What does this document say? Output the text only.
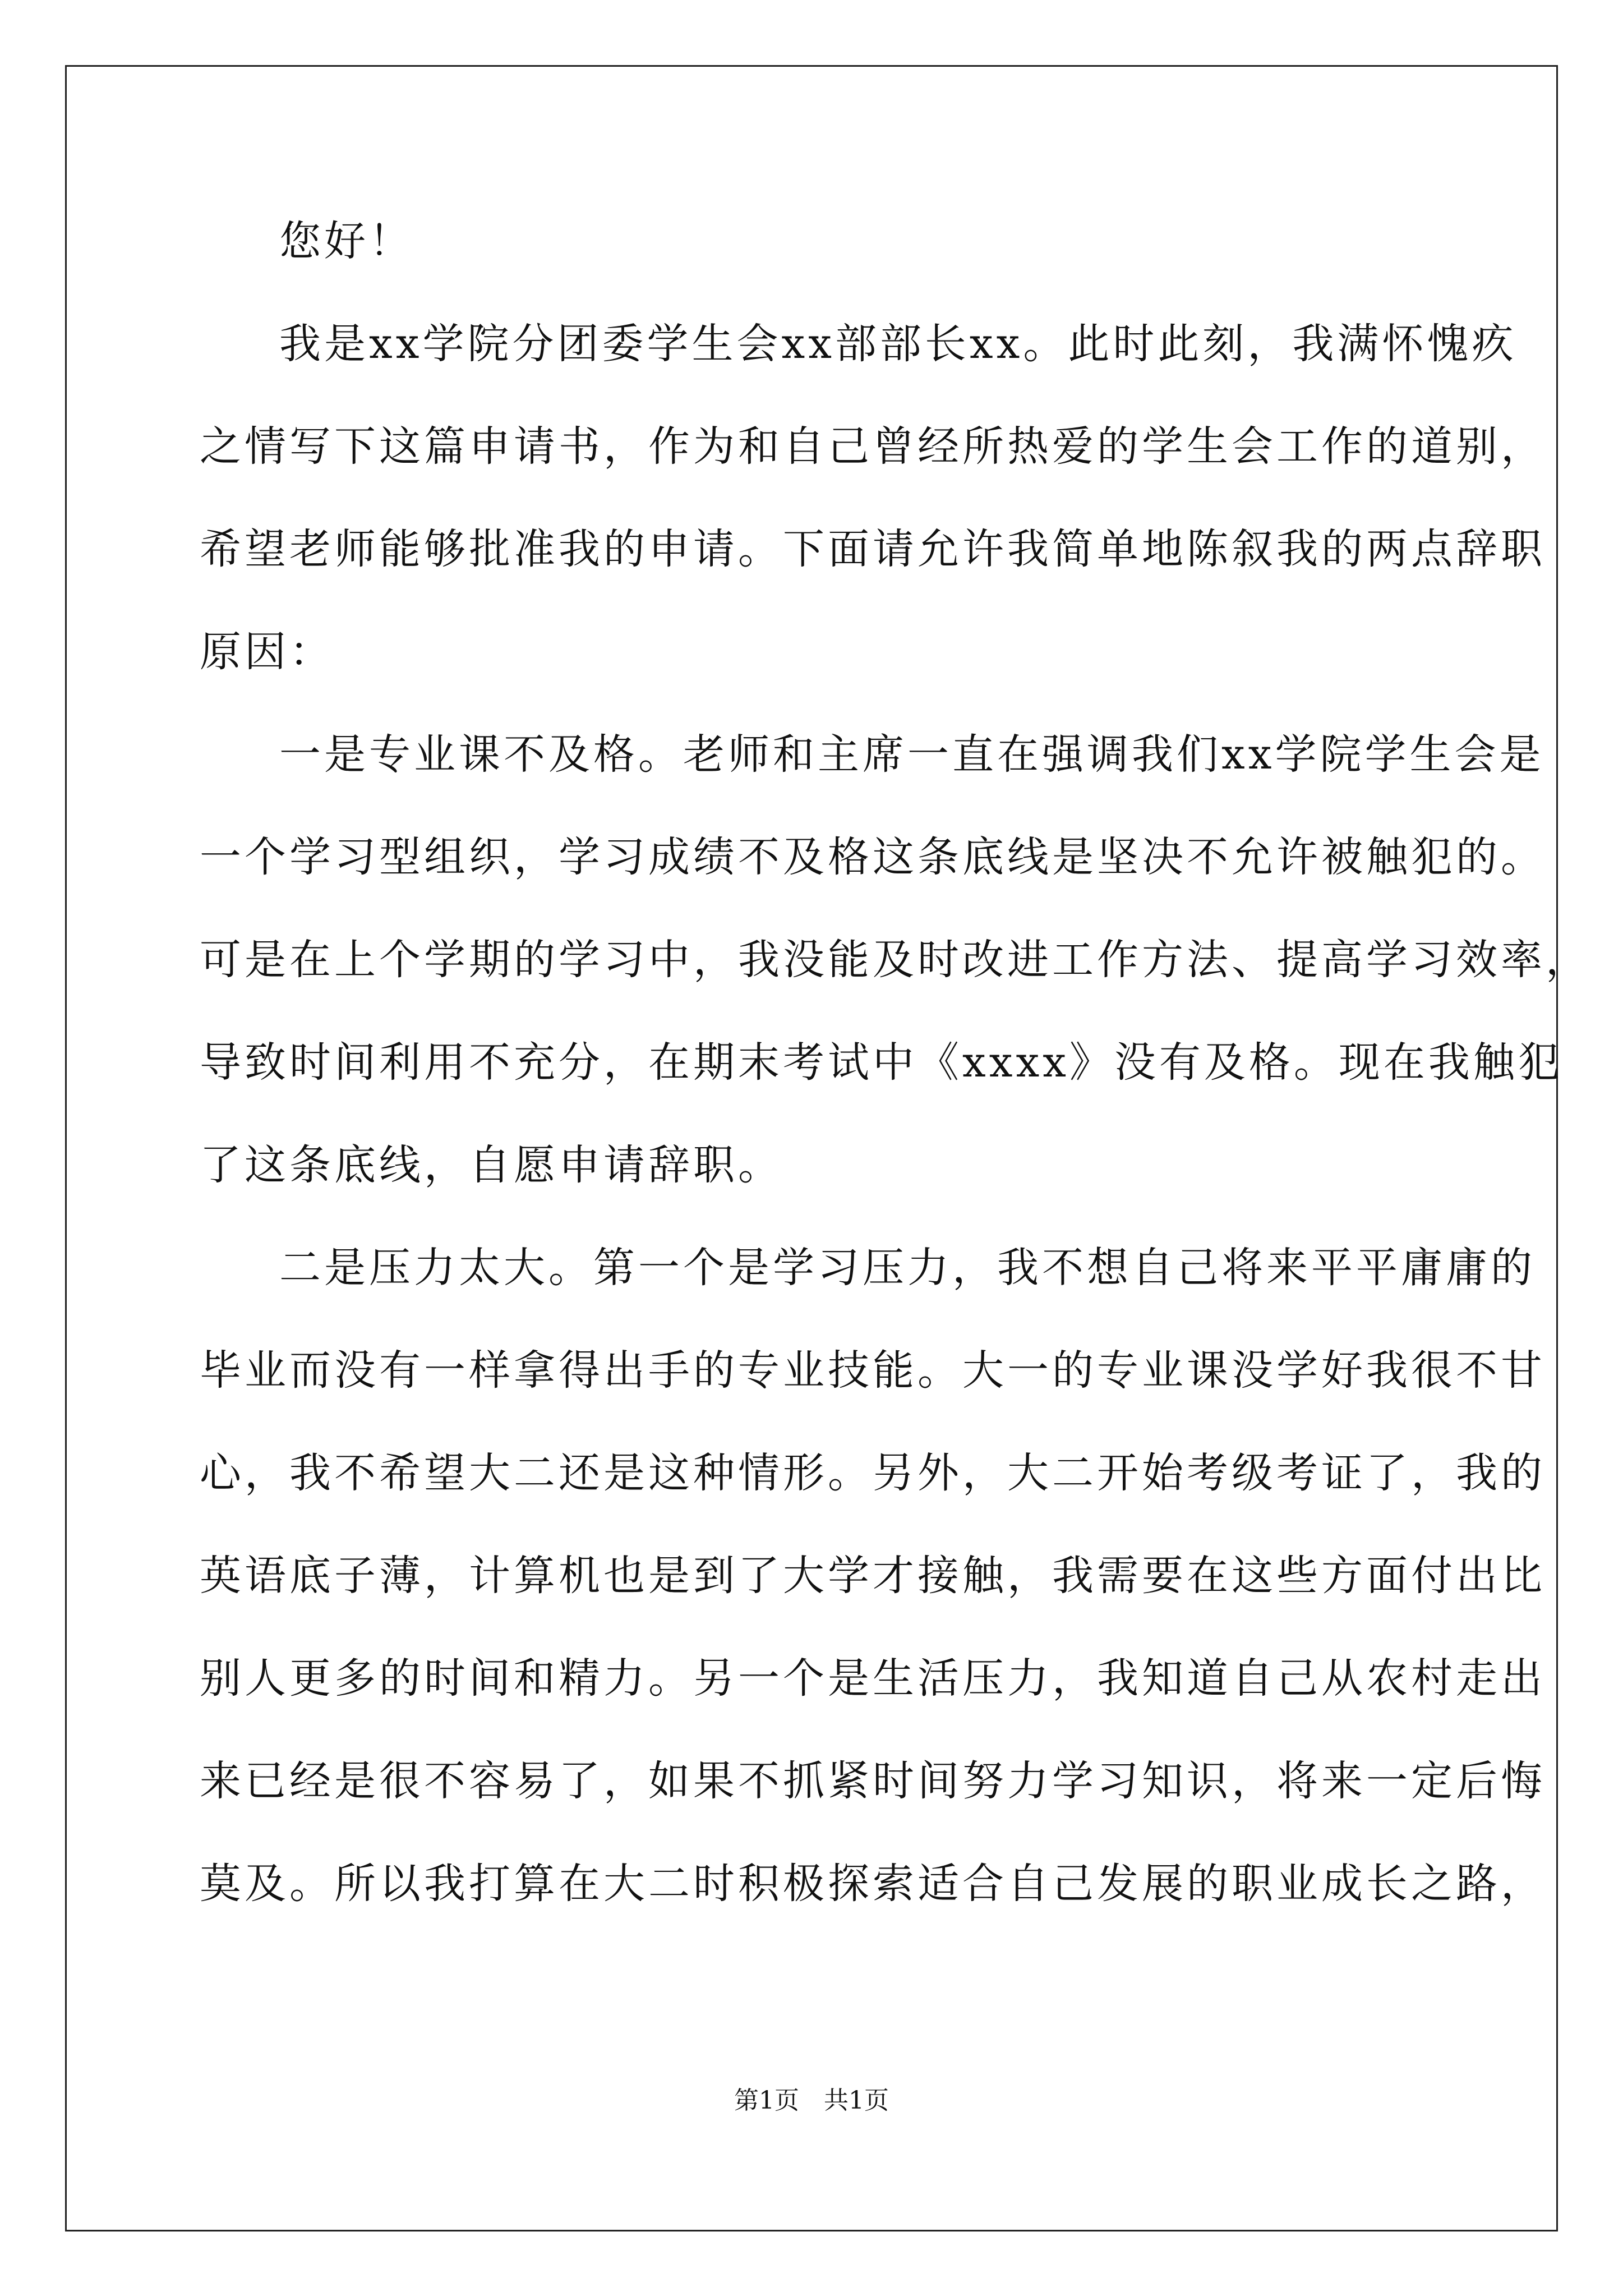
您好！
我是xx学院分团委学生会xx部部长xx。此时此刻，我满怀愧疚
之情写下这篇申请书，作为和自己曾经所热爱的学生会工作的道别，
希望老师能够批准我的申请。下面请允许我简单地陈叙我的两点辞职
原因：
一是专业课不及格。老师和主席一直在强调我们xx学院学生会是
一个学习型组织，学习成绩不及格这条底线是坚决不允许被触犯的。
可是在上个学期的学习中，我没能及时改进工作方法、提高学习效率，
导致时间利用不充分，在期末考试中《xxxx》没有及格。现在我触犯
了这条底线，自愿申请辞职。
二是压力太大。第一个是学习压力，我不想自己将来平平庸庸的
毕业而没有一样拿得出手的专业技能。大一的专业课没学好我很不甘
心，我不希望大二还是这种情形。另外，大二开始考级考证了，我的
英语底子薄，计算机也是到了大学才接触，我需要在这些方面付出比
别人更多的时间和精力。另一个是生活压力，我知道自己从农村走出
来已经是很不容易了，如果不抓紧时间努力学习知识，将来一定后悔
莫及。所以我打算在大二时积极探索适合自己发展的职业成长之路，
第1页 共1页
